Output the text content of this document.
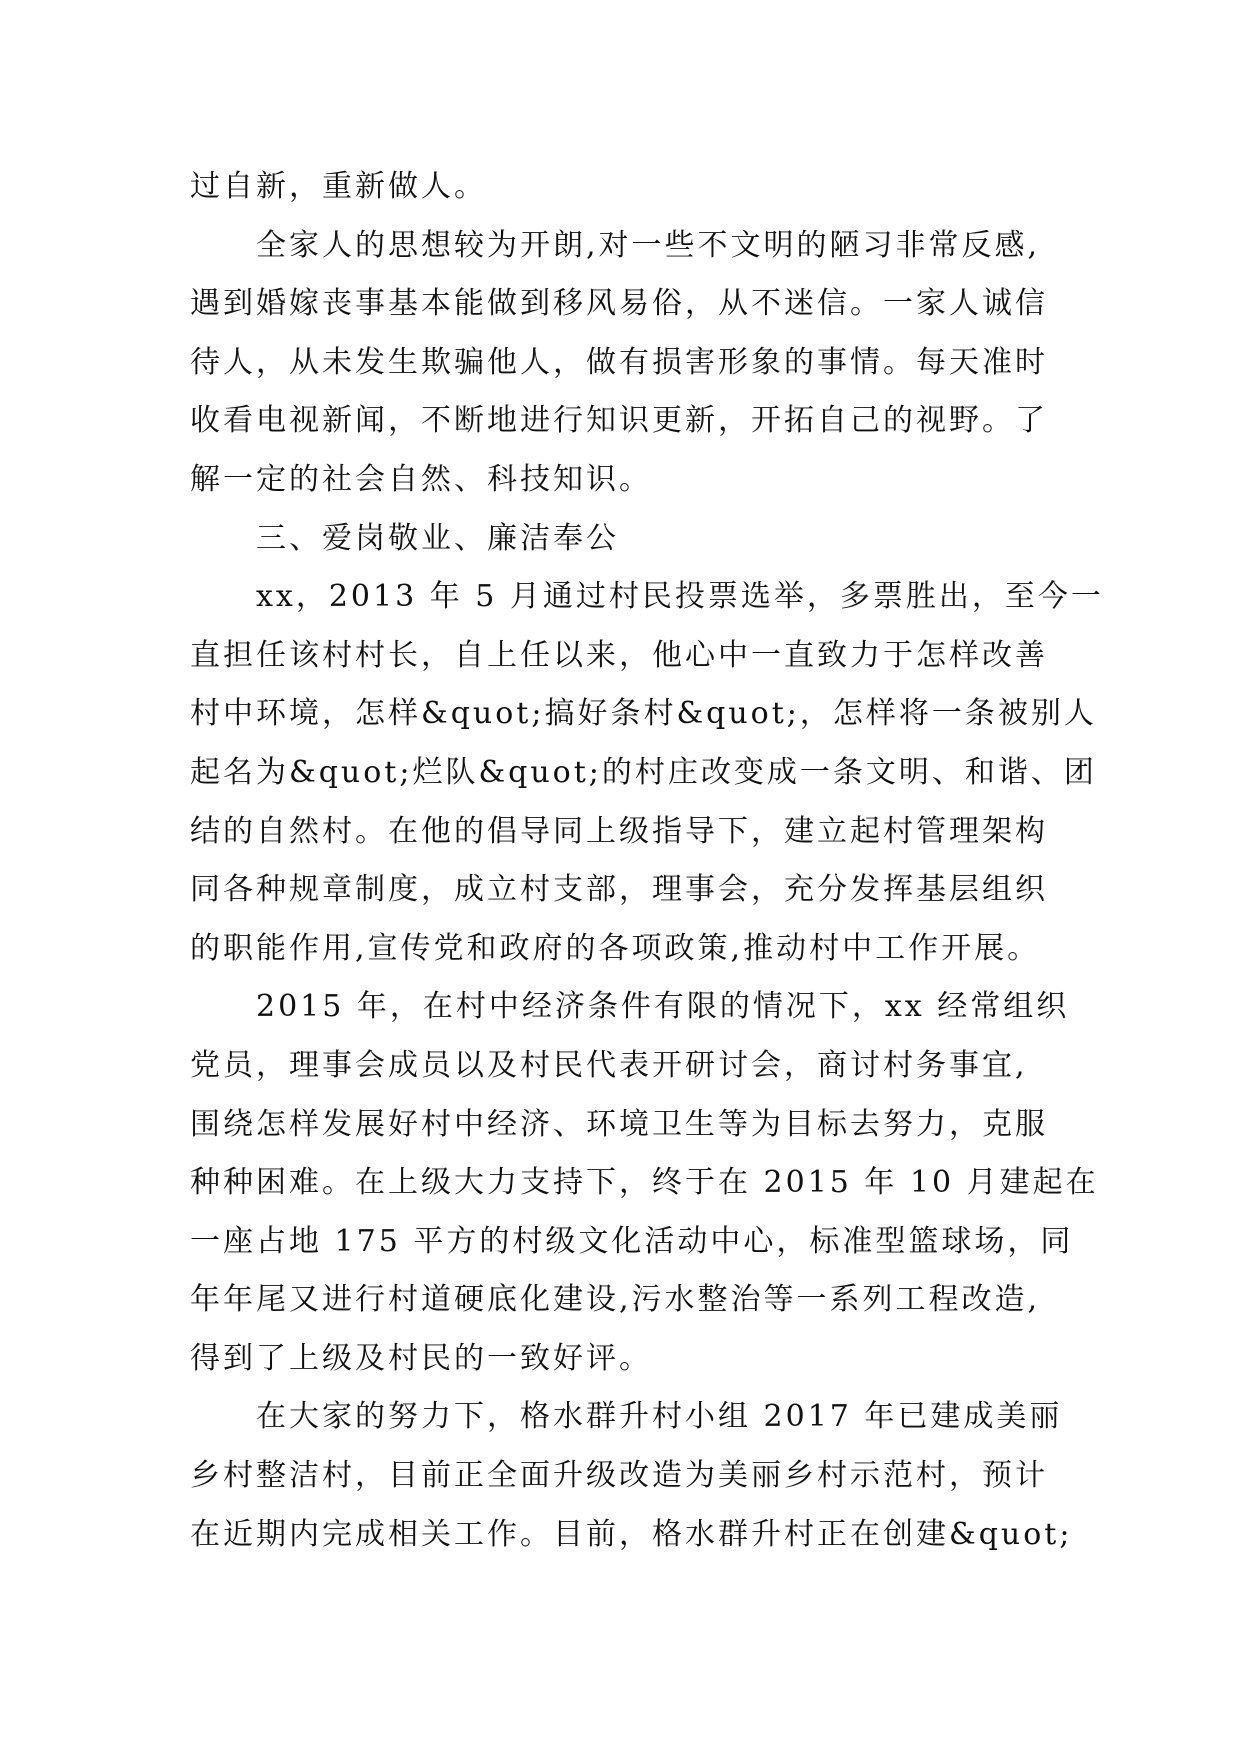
过自新，重新做人。
全家人的思想较为开朗,对一些不文明的陋习非常反感,
遇到婚嫁丧事基本能做到移风易俗，从不迷信。一家人诚信
待人，从未发生欺骗他人，做有损害形象的事情。每天准时
收看电视新闻，不断地进行知识更新，开拓自己的视野。了
解一定的社会自然、科技知识。
三、爱岗敬业、廉洁奉公
xx，2013 年 5 月通过村民投票选举，多票胜出，至今一
直担任该村村长，自上任以来，他心中一直致力于怎样改善
村中环境，怎样&quot;搞好条村&quot;，怎样将一条被别人
起名为&quot;烂队&quot;的村庄改变成一条文明、和谐、团
结的自然村。在他的倡导同上级指导下，建立起村管理架构
同各种规章制度，成立村支部，理事会，充分发挥基层组织
的职能作用,宣传党和政府的各项政策,推动村中工作开展。
2015 年，在村中经济条件有限的情况下，xx 经常组织
党员，理事会成员以及村民代表开研讨会，商讨村务事宜,
围绕怎样发展好村中经济、环境卫生等为目标去努力，克服
种种困难。在上级大力支持下，终于在 2015 年 10 月建起在
一座占地 175 平方的村级文化活动中心，标准型篮球场，同
年年尾又进行村道硬底化建设,污水整治等一系列工程改造,
得到了上级及村民的一致好评。
在大家的努力下，格水群升村小组 2017 年已建成美丽
乡村整洁村，目前正全面升级改造为美丽乡村示范村，预计
在近期内完成相关工作。目前，格水群升村正在创建&quot;
